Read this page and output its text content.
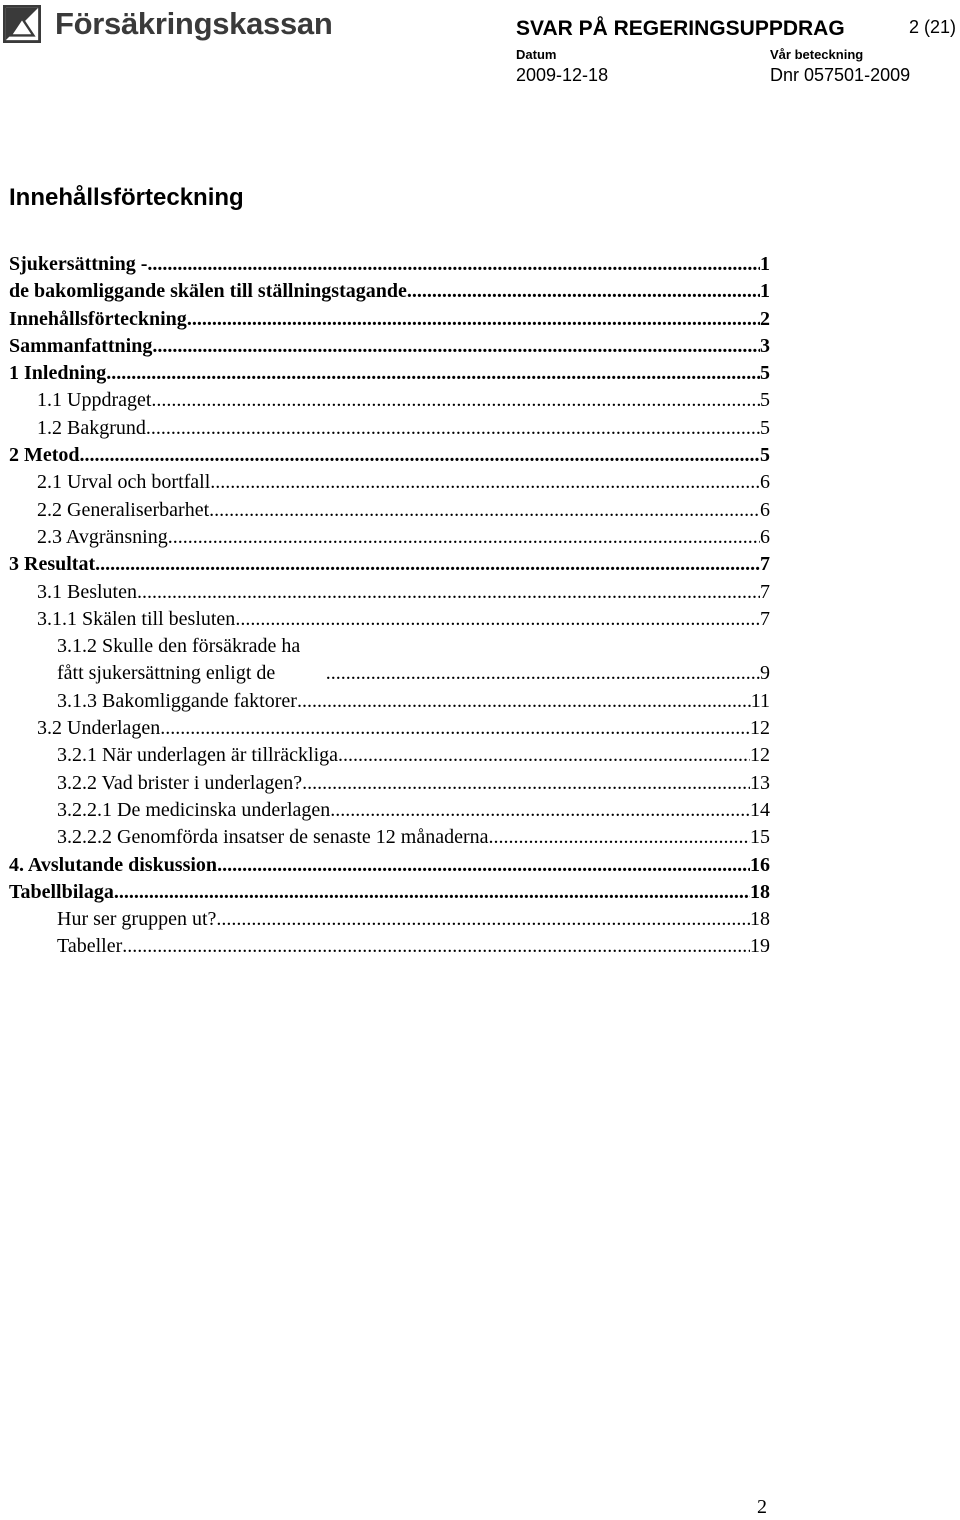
Försäkringskassan	SVAR PÅ REGERINGSUPPDRAG	2 (21)
Datum	Vår beteckning
2009-12-18	Dnr 057501-2009
Innehållsförteckning
Sjukersättning - .....	1
de bakomliggande skälen till ställningstagande .....	1
Innehållsförteckning .....	2
Sammanfattning .....	3
1 Inledning .....	5
1.1 Uppdraget .....	5
1.2 Bakgrund .....	5
2 Metod .....	5
2.1 Urval och bortfall .....	6
2.2 Generaliserbarhet .....	6
2.3 Avgränsning .....	6
3 Resultat .....	7
3.1 Besluten .....	7
3.1.1 Skälen till besluten .....	7
3.1.2 Skulle den försäkrade ha fått sjukersättning enligt de .....	9
3.1.3 Bakomliggande faktorer .....	11
3.2 Underlagen .....	12
3.2.1 När underlagen är tillräckliga .....	12
3.2.2 Vad brister i underlagen? .....	13
3.2.2.1 De medicinska underlagen .....	14
3.2.2.2 Genomförda insatser de senaste 12 månaderna .....	15
4. Avslutande diskussion .....	16
Tabellbilaga .....	18
Hur ser gruppen ut? .....	18
Tabeller .....	19
2
